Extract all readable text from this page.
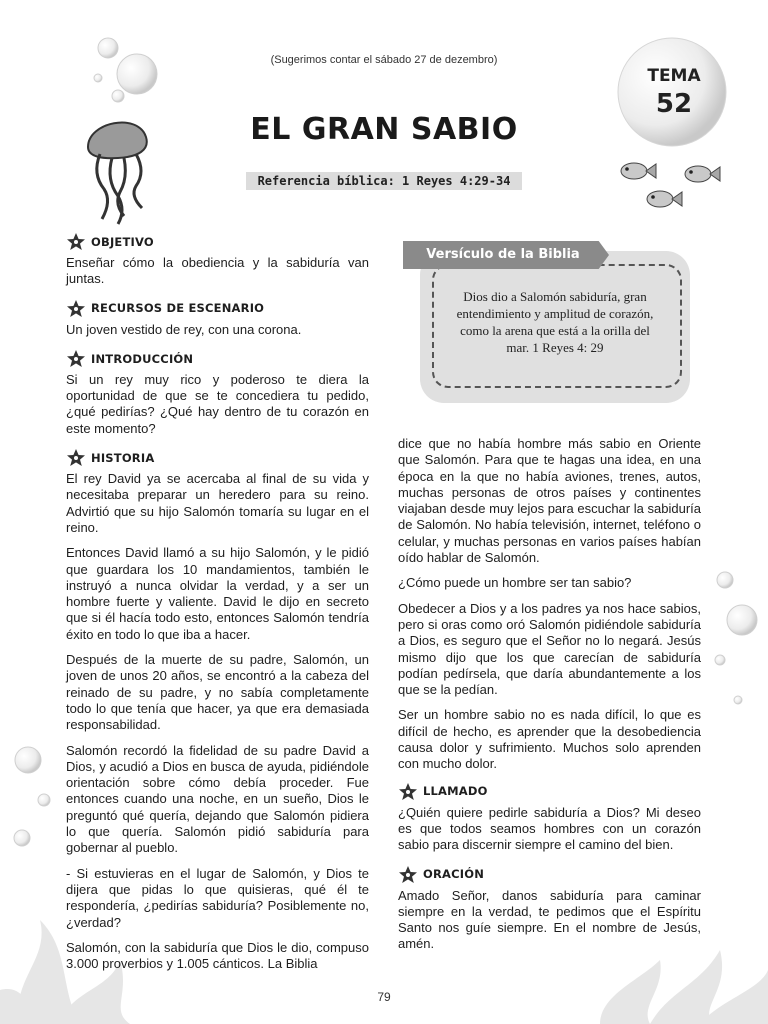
(Sugerimos contar el sábado 27 de dezembro)
EL GRAN SABIO
Referencia bíblica: 1 Reyes 4:29-34
TEMA
52
OBJETIVO

Enseñar cómo la obediencia y la sabiduría van juntas.

RECURSOS DE ESCENARIO

Un joven vestido de rey, con una corona.

INTRODUCCIÓN

Si un rey muy rico y poderoso te diera la oportunidad de que se te concediera tu pedido, ¿qué pedirías? ¿Qué hay dentro de tu corazón en este momento?

HISTORIA

El rey David ya se acercaba al final de su vida y necesitaba preparar un heredero para su reino. Advirtió que su hijo Salomón tomaría su lugar en el reino.

Entonces David llamó a su hijo Salomón, y le pidió que guardara los 10 mandamientos, también le instruyó a nunca olvidar la verdad, y a ser un hombre fuerte y valiente. David le dijo en secreto que si él hacía todo esto, entonces Salomón tendría éxito en todo lo que iba a hacer.

Después de la muerte de su padre, Salomón, un joven de unos 20 años, se encontró a la cabeza del reinado de su padre, y no sabía completamente todo lo que tenía que hacer, ya que era demasiada responsabilidad.

Salomón recordó la fidelidad de su padre David a Dios, y acudió a Dios en busca de ayuda, pidiéndole orientación sobre cómo debía proceder. Fue entonces cuando una noche, en un sueño, Dios le preguntó qué quería, dejando que Salomón pidiera lo que quería. Salomón pidió sabiduría para gobernar al pueblo.

- Si estuvieras en el lugar de Salomón, y Dios te dijera que pidas lo que quisieras, qué él te respondería, ¿pedirías sabiduría? Posiblemente no, ¿verdad?

Salomón, con la sabiduría que Dios le dio, compuso 3.000 proverbios y 1.005 cánticos. La Biblia

Versículo de la Biblia
Dios dio a Salomón sabiduría, gran entendimiento y amplitud de corazón, como la arena que está a la orilla del mar. 1 Reyes 4: 29

dice que no había hombre más sabio en Oriente que Salomón. Para que te hagas una idea, en una época en la que no había aviones, trenes, autos, muchas personas de otros países y continentes viajaban desde muy lejos para escuchar la sabiduría de Salomón. No había televisión, internet, teléfono o celular, y muchas personas en varios países habían oído hablar de Salomón.

¿Cómo puede un hombre ser tan sabio?

Obedecer a Dios y a los padres ya nos hace sabios, pero si oras como oró Salomón pidiéndole sabiduría a Dios, es seguro que el Señor no lo negará. Jesús mismo dijo que los que carecían de sabiduría podían pedírsela, que daría abundantemente a los que se la pedían.

Ser un hombre sabio no es nada difícil, lo que es difícil de hecho, es aprender que la desobediencia causa dolor y sufrimiento. Muchos solo aprenden con mucho dolor.

LLAMADO

¿Quién quiere pedirle sabiduría a Dios? Mi deseo es que todos seamos hombres con un corazón sabio para discernir siempre el camino del bien.

ORACIÓN

Amado Señor, danos sabiduría para caminar siempre en la verdad, te pedimos que el Espíritu Santo nos guíe siempre. En el nombre de Jesús, amén.

79
